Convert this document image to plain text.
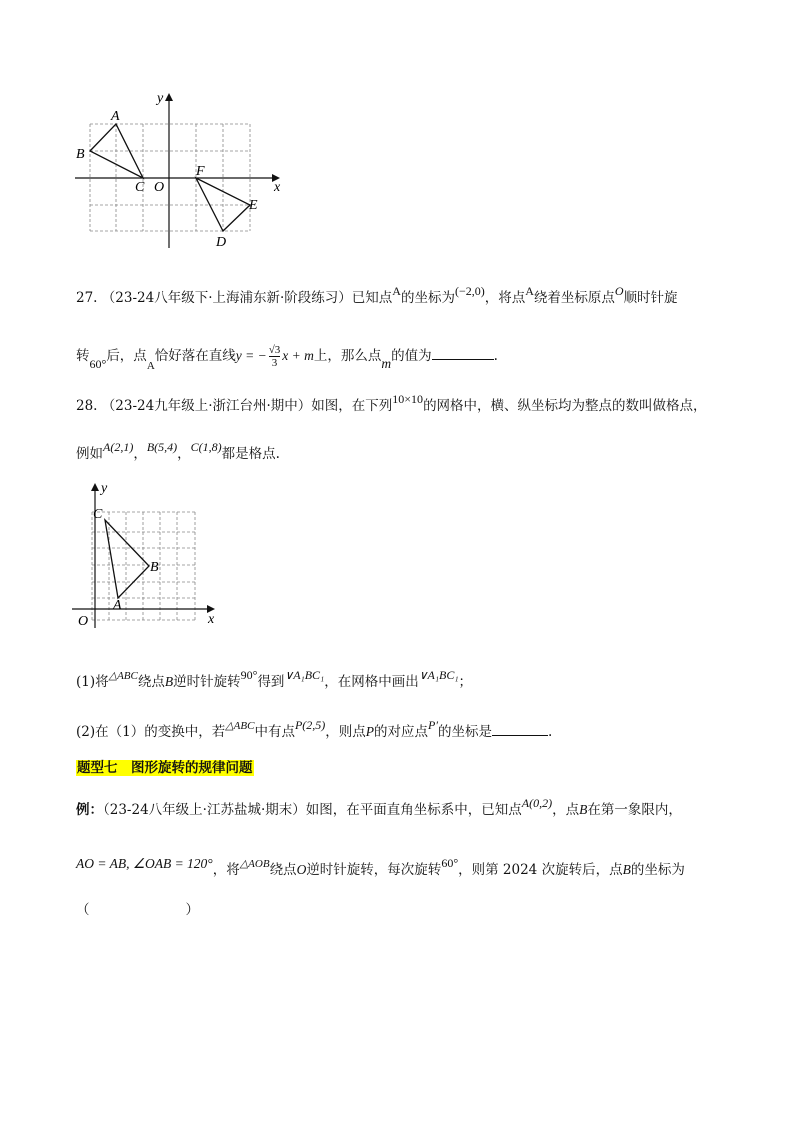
y
A
B
C O
F
x
E
D
27. （23-24八年级下·上海浦东新·阶段练习）已知点A的坐标为(−2,0)，将点A绕着坐标原点O顺时针旋
转60°后，点$_A$恰好落在直线y = − $\frac{√3}{3}$ x + m上，那么点m的值为	.
28. （23-24九年级上·浙江台州·期中）如图，在下列10×10的网格中，横、纵坐标均为整点的数叫做格点，
例如A(2,1)，B(5,4)，C(1,8)都是格点.
y
C
B
A
O	x
(1)将$^{\triangle ABC}$绕点B逆时针旋转90°得到∨A₁BC₁，在网格中画出∨A₁BC₁；
(2)在（1）的变换中，若$^{\triangle ABC}$中有点P(2,5)，则点P的对应点P′的坐标是	.
题型七　图形旋转的规律问题
例：（23-24八年级上·江苏盐城·期末）如图，在平面直角坐标系中，已知点A(0,2)，点B在第一象限内，
AO = AB, ∠OAB = 120°，将$^{\triangle AOB}$绕点O逆时针旋转，每次旋转60°，则第 2024 次旋转后，点B的坐标为
（	）
